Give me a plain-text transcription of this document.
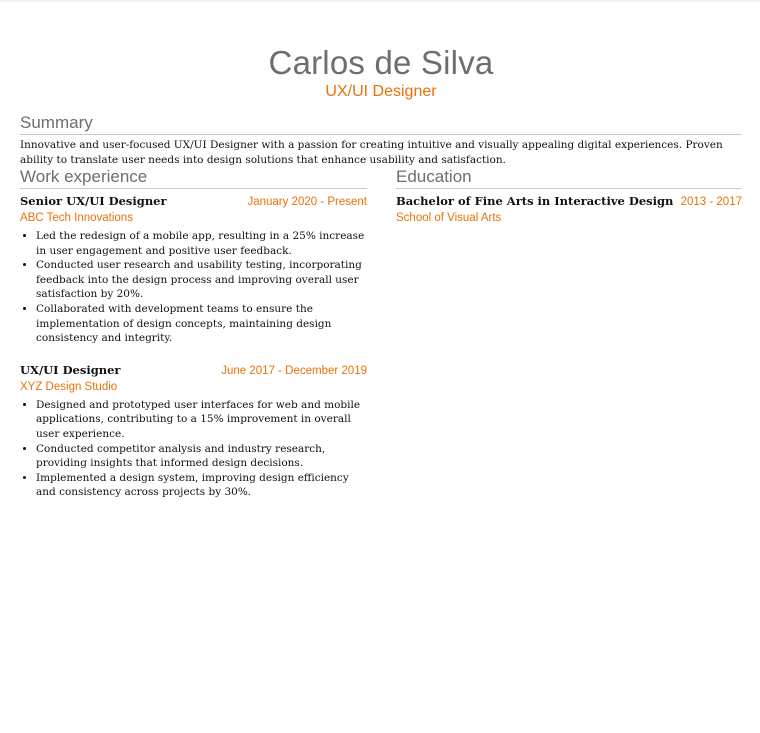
Carlos de Silva
UX/UI Designer
Summary
Innovative and user-focused UX/UI Designer with a passion for creating intuitive and visually appealing digital experiences. Proven ability to translate user needs into design solutions that enhance usability and satisfaction.
Work experience
Senior UX/UI Designer	January 2020 - Present
ABC Tech Innovations
• Led the redesign of a mobile app, resulting in a 25% increase in user engagement and positive user feedback.
• Conducted user research and usability testing, incorporating feedback into the design process and improving overall user satisfaction by 20%.
• Collaborated with development teams to ensure the implementation of design concepts, maintaining design consistency and integrity.
UX/UI Designer	June 2017 - December 2019
XYZ Design Studio
• Designed and prototyped user interfaces for web and mobile applications, contributing to a 15% improvement in overall user experience.
• Conducted competitor analysis and industry research, providing insights that informed design decisions.
• Implemented a design system, improving design efficiency and consistency across projects by 30%.
Education
Bachelor of Fine Arts in Interactive Design 2013 - 2017
School of Visual Arts
